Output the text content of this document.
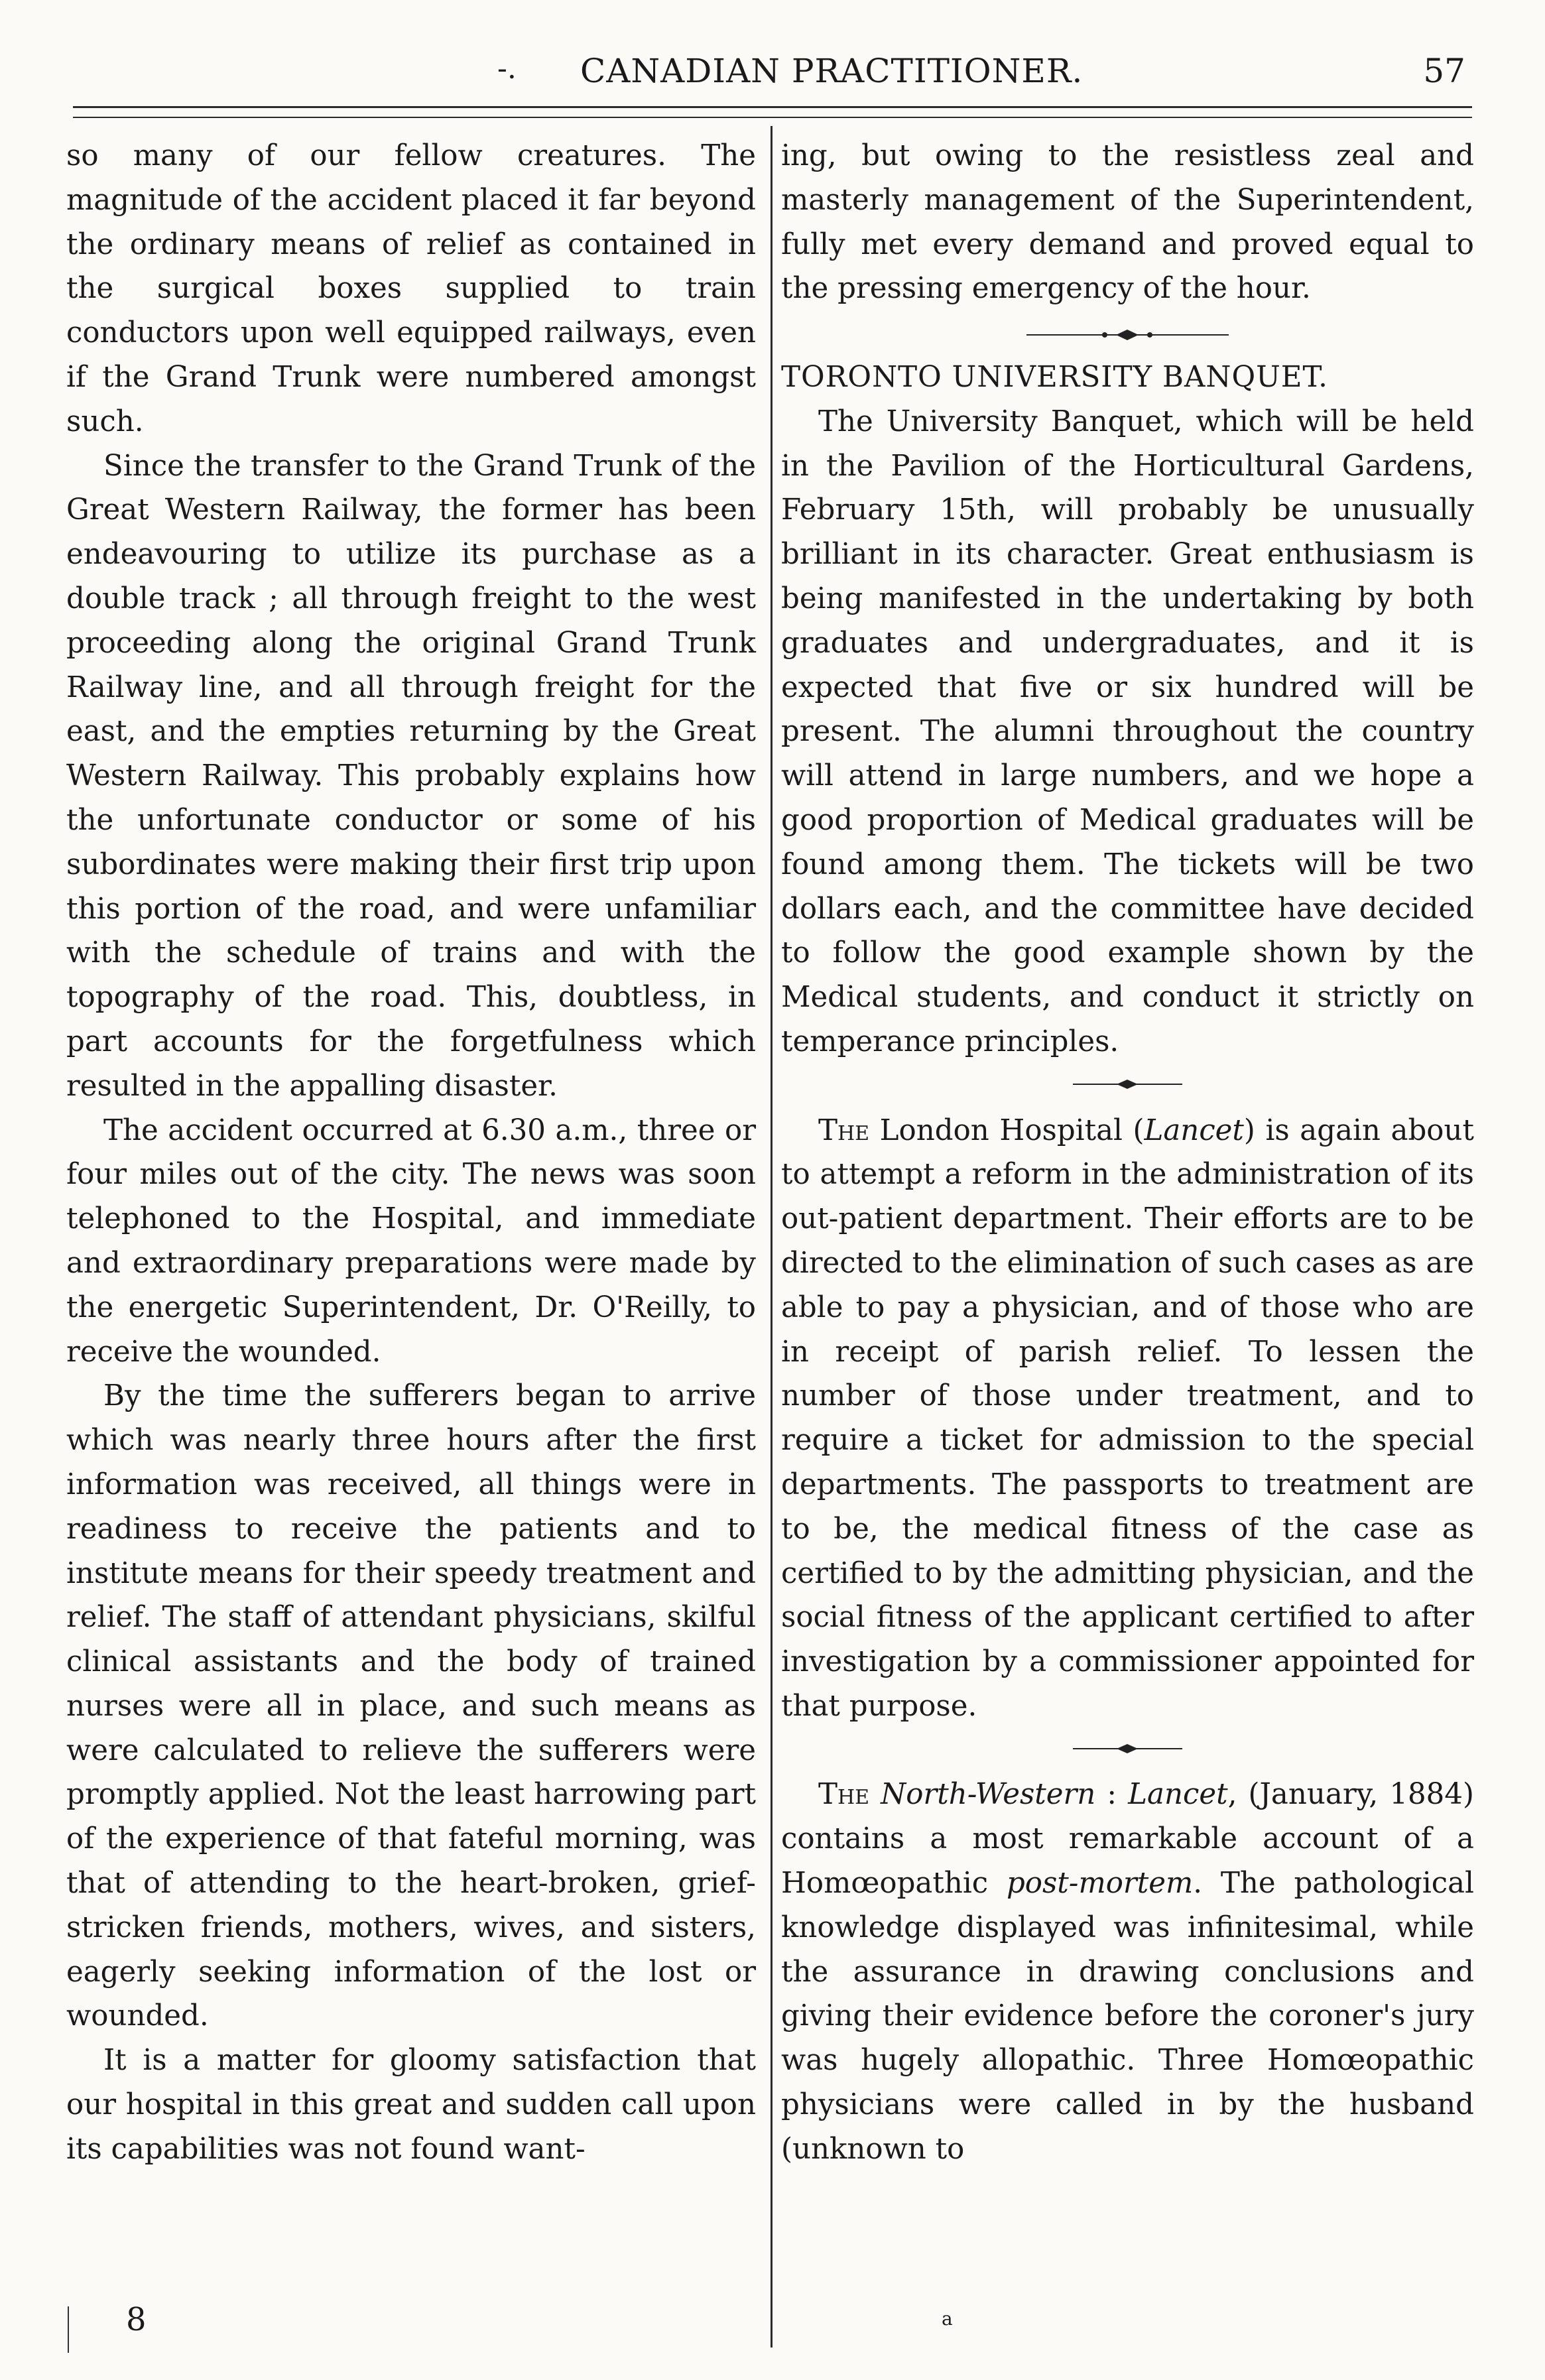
-. CANADIAN PRACTITIONER.	57

so many of our fellow creatures. The magnitude of the accident placed it far beyond the ordinary means of relief as contained in the surgical boxes supplied to train conductors upon well equipped railways, even if the Grand Trunk were numbered amongst such.

Since the transfer to the Grand Trunk of the Great Western Railway, the former has been endeavouring to utilize its purchase as a double track ; all through freight to the west proceeding along the original Grand Trunk Railway line, and all through freight for the east, and the empties returning by the Great Western Railway. This probably explains how the unfortunate conductor or some of his subordinates were making their first trip upon this portion of the road, and were unfamiliar with the schedule of trains and with the topography of the road. This, doubtless, in part accounts for the forgetfulness which resulted in the appalling disaster.

The accident occurred at 6.30 a.m., three or four miles out of the city. The news was soon telephoned to the Hospital, and immediate and extraordinary preparations were made by the energetic Superintendent, Dr. O'Reilly, to receive the wounded.

By the time the sufferers began to arrive which was nearly three hours after the first information was received, all things were in readiness to receive the patients and to institute means for their speedy treatment and relief. The staff of attendant physicians, skilful clinical assistants and the body of trained nurses were all in place, and such means as were calculated to relieve the sufferers were promptly applied. Not the least harrowing part of the experience of that fateful morning, was that of attending to the heart-broken, grief-stricken friends, mothers, wives, and sisters, eagerly seeking information of the lost or wounded.

It is a matter for gloomy satisfaction that our hospital in this great and sudden call upon its capabilities was not found want-

ing, but owing to the resistless zeal and masterly management of the Superintendent, fully met every demand and proved equal to the pressing emergency of the hour.

TORONTO UNIVERSITY BANQUET.

The University Banquet, which will be held in the Pavilion of the Horticultural Gardens, February 15th, will probably be unusually brilliant in its character. Great enthusiasm is being manifested in the undertaking by both graduates and undergraduates, and it is expected that five or six hundred will be present. The alumni throughout the country will attend in large numbers, and we hope a good proportion of Medical graduates will be found among them. The tickets will be two dollars each, and the committee have decided to follow the good example shown by the Medical students, and conduct it strictly on temperance principles.

The London Hospital (Lancet) is again about to attempt a reform in the administration of its out-patient department. Their efforts are to be directed to the elimination of such cases as are able to pay a physician, and of those who are in receipt of parish relief. To lessen the number of those under treatment, and to require a ticket for admission to the special departments. The passports to treatment are to be, the medical fitness of the case as certified to by the admitting physician, and the social fitness of the applicant certified to after investigation by a commissioner appointed for that purpose.

The North-Western : Lancet, (January, 1884) contains a most remarkable account of a Homœopathic post-mortem. The pathological knowledge displayed was infinitesimal, while the assurance in drawing conclusions and giving their evidence before the coroner's jury was hugely allopathic. Three Homœopathic physicians were called in by the husband (unknown to

8	a
